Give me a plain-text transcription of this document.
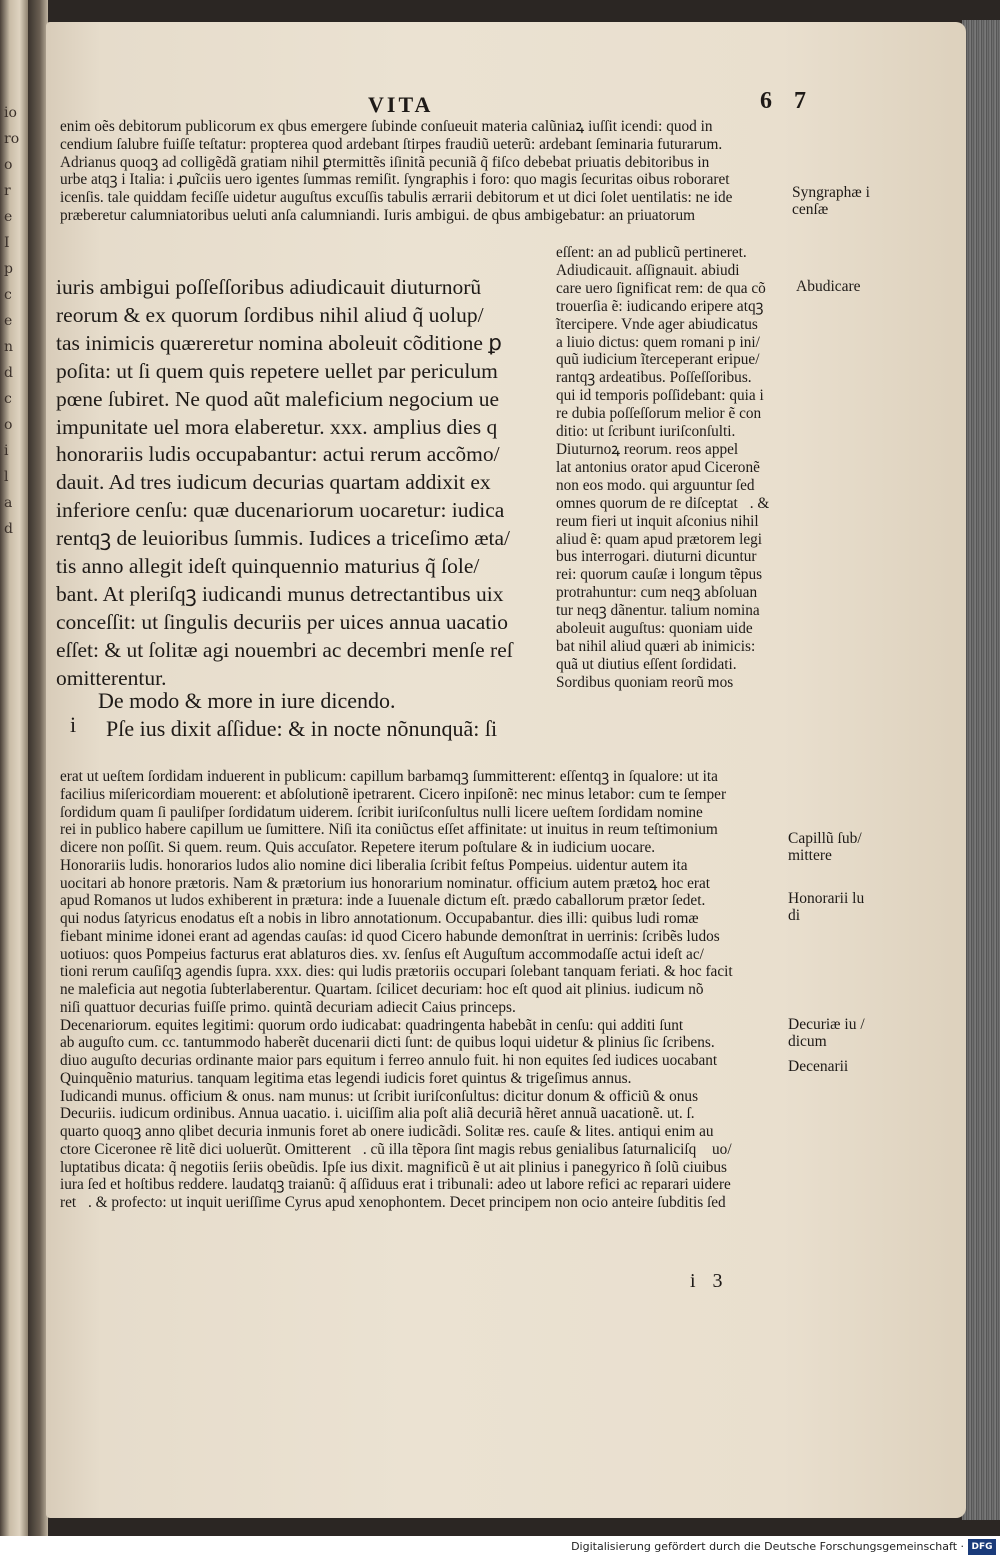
io
ro
o
r
e
I
p
c
e
n
d
c
o
i
l
a
d
VITA	6 7
enim oẽs debitorum publicorum ex qbus emergere ſubinde conſueuit materia calũniaꝝ iuſſit icendi: quod in
cendium ſalubre fuiſſe teſtatur: propterea quod ardebant ſtirpes fraudiũ ueterũ: ardebant ſeminaria futurarum.
Adrianus quoqꝫ ad colligẽdã gratiam nihil ꝑtermittẽs iſinitã pecuniã q̃ fiſco debebat priuatis debitoribus in
urbe atqꝫ i Italia: i ꝓuĩciis uero igentes ſummas remiſit. ſyngraphis i foro: quo magis ſecuritas oibus roboraret
icenſis. tale quiddam feciſſe uidetur auguſtus excuſſis tabulis ærrarii debitorum et ut dici ſolet uentilatis: ne ide
præberetur calumniatoribus ueluti anſa calumniandi. Iuris ambigui. de qbus ambigebatur: an priuatorum
iuris ambigui poſſeſſoribus adiudicauit diuturnorũ
reorum & ex quorum ſordibus nihil aliud q̃ uolup/
tas inimicis quæreretur nomina aboleuit cõditione ꝑ
poſita: ut ſi quem quis repetere uellet par periculum
pœne ſubiret. Ne quod aũt maleficium negocium ue
impunitate uel mora elaberetur. xxx. amplius dies q
honorariis ludis occupabantur: actui rerum accõmo/
dauit. Ad tres iudicum decurias quartam addixit ex
inferiore cenſu: quæ ducenariorum uocaretur: iudica
rentqꝫ de leuioribus ſummis. Iudices a triceſimo æta/
tis anno allegit ideſt quinquennio maturius q̃ ſole/
bant. At pleriſqꝫ iudicandi munus detrectantibus uix
conceſſit: ut ſingulis decuriis per uices annua uacatio
eſſet: & ut ſolitæ agi nouembri ac decembri menſe reſ
omitterentur.
De modo & more in iure dicendo.
i Pſe ius dixit aſſidue: & in nocte nõnunquã: ſi
eſſent: an ad publicũ pertineret.
Adiudicauit. aſſignauit. abiudi
care uero ſignificat rem: de qua cõ
trouerſia ẽ: iudicando eripere atqꝫ
ĩtercipere. Vnde ager abiudicatus
a liuio dictus: quem romani p ini/
quũ iudicium ĩterceperant eripue/
rantqꝫ ardeatibus. Poſſeſſoribus.
qui id temporis poſſidebant: quia i
re dubia poſſeſſorum melior ẽ con
ditio: ut ſcribunt iuriſconſulti.
Diuturnoꝝ reorum. reos appel
lat antonius orator apud Ciceronẽ
non eos modo. qui arguuntur ſed
omnes quorum de re diſceptat᷑. &
reum fieri ut inquit aſconius nihil
aliud ẽ: quam apud prætorem legi
bus interrogari. diuturni dicuntur
rei: quorum cauſæ i longum tẽpus
protrahuntur: cum neqꝫ abſoluan
tur neqꝫ dãnentur. talium nomina
aboleuit auguſtus: quoniam uide
bat nihil aliud quæri ab inimicis:
quã ut diutius eſſent ſordidati.
Sordibus quoniam reorũ mos
erat ut ueſtem ſordidam induerent in publicum: capillum barbamqꝫ ſummitterent: eſſentqꝫ in ſqualore: ut ita
facilius miſericordiam mouerent: et abſolutionẽ ipetrarent. Cicero inpiſonẽ: nec minus letabor: cum te ſemper
ſordidum quam ſi pauliſper ſordidatum uiderem. ſcribit iuriſconſultus nulli licere ueſtem ſordidam nomine
rei in publico habere capillum ue ſumittere. Niſi ita coniũctus eſſet affinitate: ut inuitus in reum teſtimonium
dicere non poſſit. Si quem. reum. Quis accuſator. Repetere iterum poſtulare & in iudicium uocare.
Honorariis ludis. honorarios ludos alio nomine dici liberalia ſcribit feſtus Pompeius. uidentur autem ita
uocitari ab honore prætoris. Nam & prætorium ius honorarium nominatur. officium autem prætoꝝ hoc erat
apud Romanos ut ludos exhiberent in prætura: inde a Iuuenale dictum eſt. prædo caballorum prætor ſedet.
qui nodus ſatyricus enodatus eſt a nobis in libro annotationum. Occupabantur. dies illi: quibus ludi romæ
fiebant minime idonei erant ad agendas cauſas: id quod Cicero habunde demonſtrat in uerrinis: ſcribẽs ludos
uotiuos: quos Pompeius facturus erat ablaturos dies. xv. ſenſus eſt Auguſtum accommodaſſe actui ideſt ac/
tioni rerum cauſiſqꝫ agendis ſupra. xxx. dies: qui ludis prætoriis occupari ſolebant tanquam feriati. & hoc facit
ne maleficia aut negotia ſubterlaberentur. Quartam. ſcilicet decuriam: hoc eſt quod ait plinius. iudicum nõ
niſi quattuor decurias fuiſſe primo. quintã decuriam adiecit Caius princeps.
Decenariorum. equites legitimi: quorum ordo iudicabat: quadringenta habebãt in cenſu: qui additi ſunt
ab auguſto cum. cc. tantummodo haberẽt ducenarii dicti ſunt: de quibus loqui uidetur & plinius ſic ſcribens.
diuo auguſto decurias ordinante maior pars equitum i ferreo annulo fuit. hi non equites ſed iudices uocabant
Quinquẽnio maturius. tanquam legitima etas legendi iudicis foret quintus & trigeſimus annus.
Iudicandi munus. officium & onus. nam munus: ut ſcribit iuriſconſultus: dicitur donum & officiũ & onus
Decuriis. iudicum ordinibus. Annua uacatio. i. uiciſſim alia poſt aliã decuriã hẽret annuã uacationẽ. ut. ſ.
quarto quoqꝫ anno qlibet decuria inmunis foret ab onere iudicãdi. Solitæ res. cauſe & lites. antiqui enim au
ctore Ciceronee rẽ litẽ dici uoluerũt. Omitterent᷑. cũ illa tẽpora ſint magis rebus genialibus ſaturnaliciſqꝫ uo/
luptatibus dicata: q̃ negotiis ſeriis obeũdis. Ipſe ius dixit. magnificũ ẽ ut ait plinius i panegyrico ñ ſolũ ciuibus
iura ſed et hoſtibus reddere. laudatqꝫ traianũ: q̃ aſſiduus erat i tribunali: adeo ut labore refici ac reparari uidere
ret᷑. & profecto: ut inquit ueriſſime Cyrus apud xenophontem. Decet principem non ocio anteire ſubditis ſed
Syngraphæ i
cenſæ
Abudicare
Capillũ ſub/
mittere
Honorarii lu
di
Decuriæ iu /
dicum
Decenarii
i 3
Digitalisierung gefördert durch die Deutsche Forschungsgemeinschaft · DFG
